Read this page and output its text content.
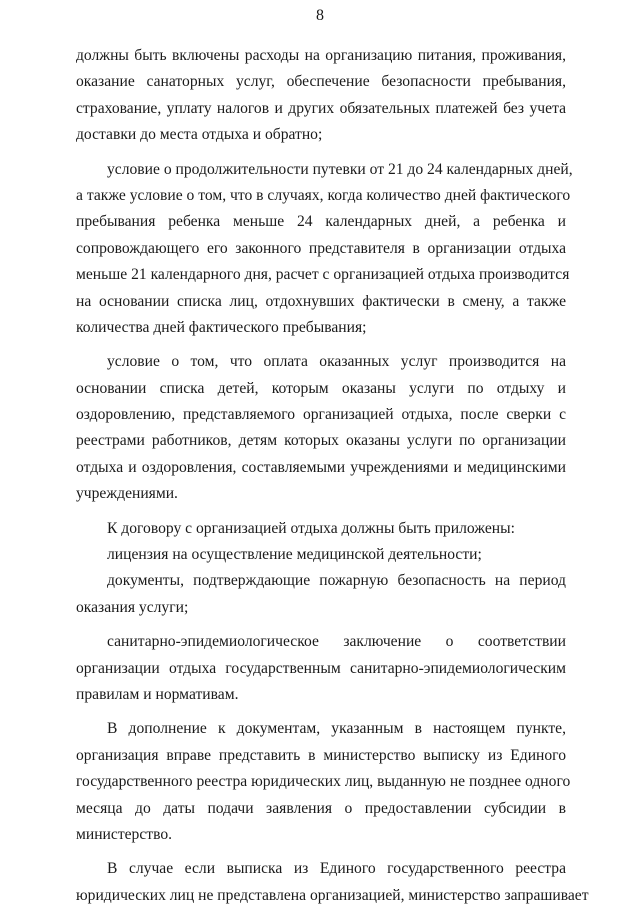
8
должны быть включены расходы на организацию питания, проживания,
оказание санаторных услуг, обеспечение безопасности пребывания,
страхование, уплату налогов и других обязательных платежей без учета
доставки до места отдыха и обратно;
условие о продолжительности путевки от 21 до 24 календарных дней,
а также условие о том, что в случаях, когда количество дней фактического
пребывания ребенка меньше 24 календарных дней, а ребенка и
сопровождающего его законного представителя в организации отдыха
меньше 21 календарного дня, расчет с организацией отдыха производится
на основании списка лиц, отдохнувших фактически в смену, а также
количества дней фактического пребывания;
условие о том, что оплата оказанных услуг производится на
основании списка детей, которым оказаны услуги по отдыху и
оздоровлению, представляемого организацией отдыха, после сверки с
реестрами работников, детям которых оказаны услуги по организации
отдыха и оздоровления, составляемыми учреждениями и медицинскими
учреждениями.
К договору с организацией отдыха должны быть приложены:
лицензия на осуществление медицинской деятельности;
документы, подтверждающие пожарную безопасность на период
оказания услуги;
санитарно-эпидемиологическое заключение о соответствии
организации отдыха государственным санитарно-эпидемиологическим
правилам и нормативам.
В дополнение к документам, указанным в настоящем пункте,
организация вправе представить в министерство выписку из Единого
государственного реестра юридических лиц, выданную не позднее одного
месяца до даты подачи заявления о предоставлении субсидии в
министерство.
В случае если выписка из Единого государственного реестра
юридических лиц не представлена организацией, министерство запрашивает
